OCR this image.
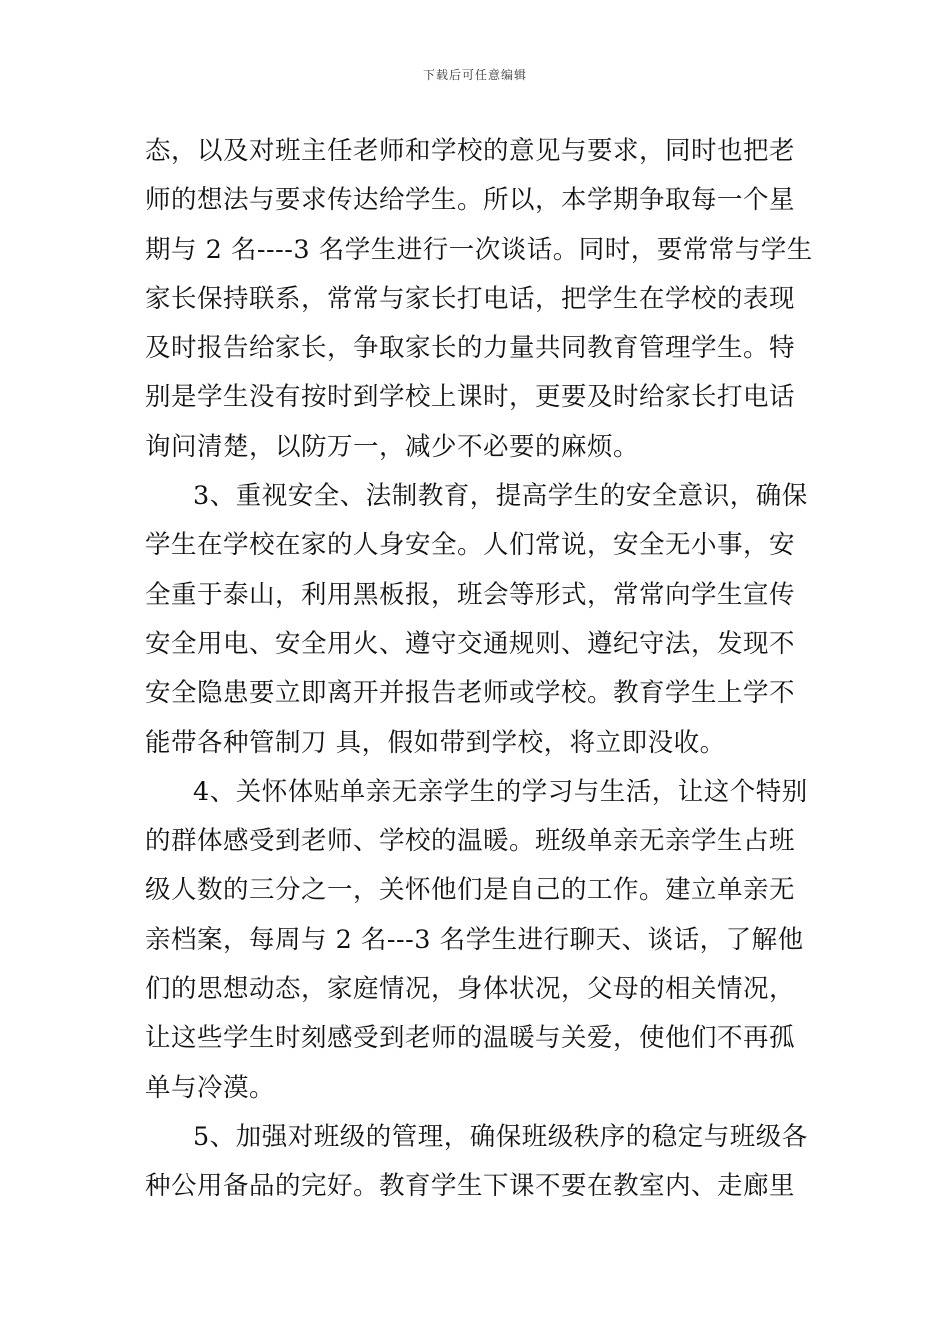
下载后可任意编辑
态，以及对班主任老师和学校的意见与要求，同时也把老
师的想法与要求传达给学生。所以，本学期争取每一个星
期与 2 名----3 名学生进行一次谈话。同时，要常常与学生
家长保持联系，常常与家长打电话，把学生在学校的表现
及时报告给家长，争取家长的力量共同教育管理学生。特
别是学生没有按时到学校上课时，更要及时给家长打电话
询问清楚，以防万一，减少不必要的麻烦。
3、重视安全、法制教育，提高学生的安全意识，确保
学生在学校在家的人身安全。人们常说，安全无小事，安
全重于泰山，利用黑板报，班会等形式，常常向学生宣传
安全用电、安全用火、遵守交通规则、遵纪守法，发现不
安全隐患要立即离开并报告老师或学校。教育学生上学不
能带各种管制刀 具，假如带到学校，将立即没收。
4、关怀体贴单亲无亲学生的学习与生活，让这个特别
的群体感受到老师、学校的温暖。班级单亲无亲学生占班
级人数的三分之一，关怀他们是自己的工作。建立单亲无
亲档案，每周与 2 名---3 名学生进行聊天、谈话，了解他
们的思想动态，家庭情况，身体状况，父母的相关情况，
让这些学生时刻感受到老师的温暖与关爱，使他们不再孤
单与冷漠。
5、加强对班级的管理，确保班级秩序的稳定与班级各
种公用备品的完好。教育学生下课不要在教室内、走廊里
